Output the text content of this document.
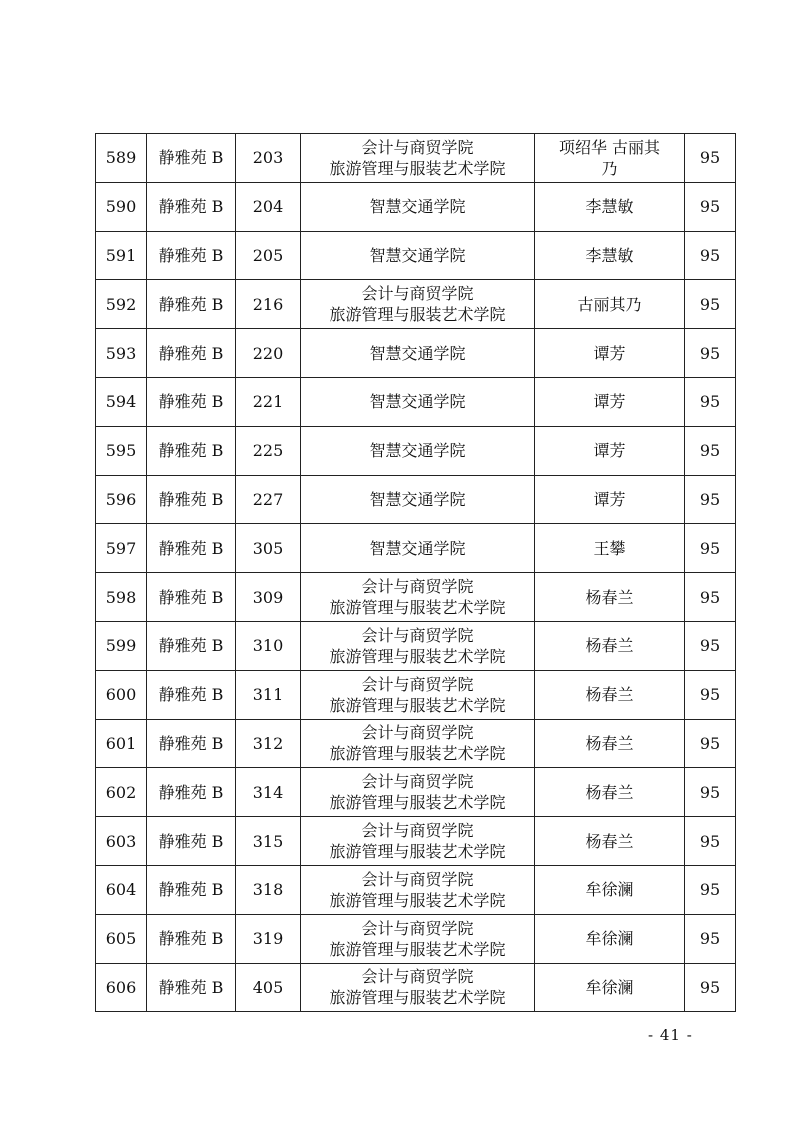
589	静雅苑 B	203	会计与商贸学院
旅游管理与服装艺术学院	项绍华 古丽其
乃	95
590	静雅苑 B	204	智慧交通学院	李慧敏	95
591	静雅苑 B	205	智慧交通学院	李慧敏	95
592	静雅苑 B	216	会计与商贸学院
旅游管理与服装艺术学院	古丽其乃	95
593	静雅苑 B	220	智慧交通学院	谭芳	95
594	静雅苑 B	221	智慧交通学院	谭芳	95
595	静雅苑 B	225	智慧交通学院	谭芳	95
596	静雅苑 B	227	智慧交通学院	谭芳	95
597	静雅苑 B	305	智慧交通学院	王攀	95
598	静雅苑 B	309	会计与商贸学院
旅游管理与服装艺术学院	杨春兰	95
599	静雅苑 B	310	会计与商贸学院
旅游管理与服装艺术学院	杨春兰	95
600	静雅苑 B	311	会计与商贸学院
旅游管理与服装艺术学院	杨春兰	95
601	静雅苑 B	312	会计与商贸学院
旅游管理与服装艺术学院	杨春兰	95
602	静雅苑 B	314	会计与商贸学院
旅游管理与服装艺术学院	杨春兰	95
603	静雅苑 B	315	会计与商贸学院
旅游管理与服装艺术学院	杨春兰	95
604	静雅苑 B	318	会计与商贸学院
旅游管理与服装艺术学院	牟徐澜	95
605	静雅苑 B	319	会计与商贸学院
旅游管理与服装艺术学院	牟徐澜	95
606	静雅苑 B	405	会计与商贸学院
旅游管理与服装艺术学院	牟徐澜	95
- 41 -
